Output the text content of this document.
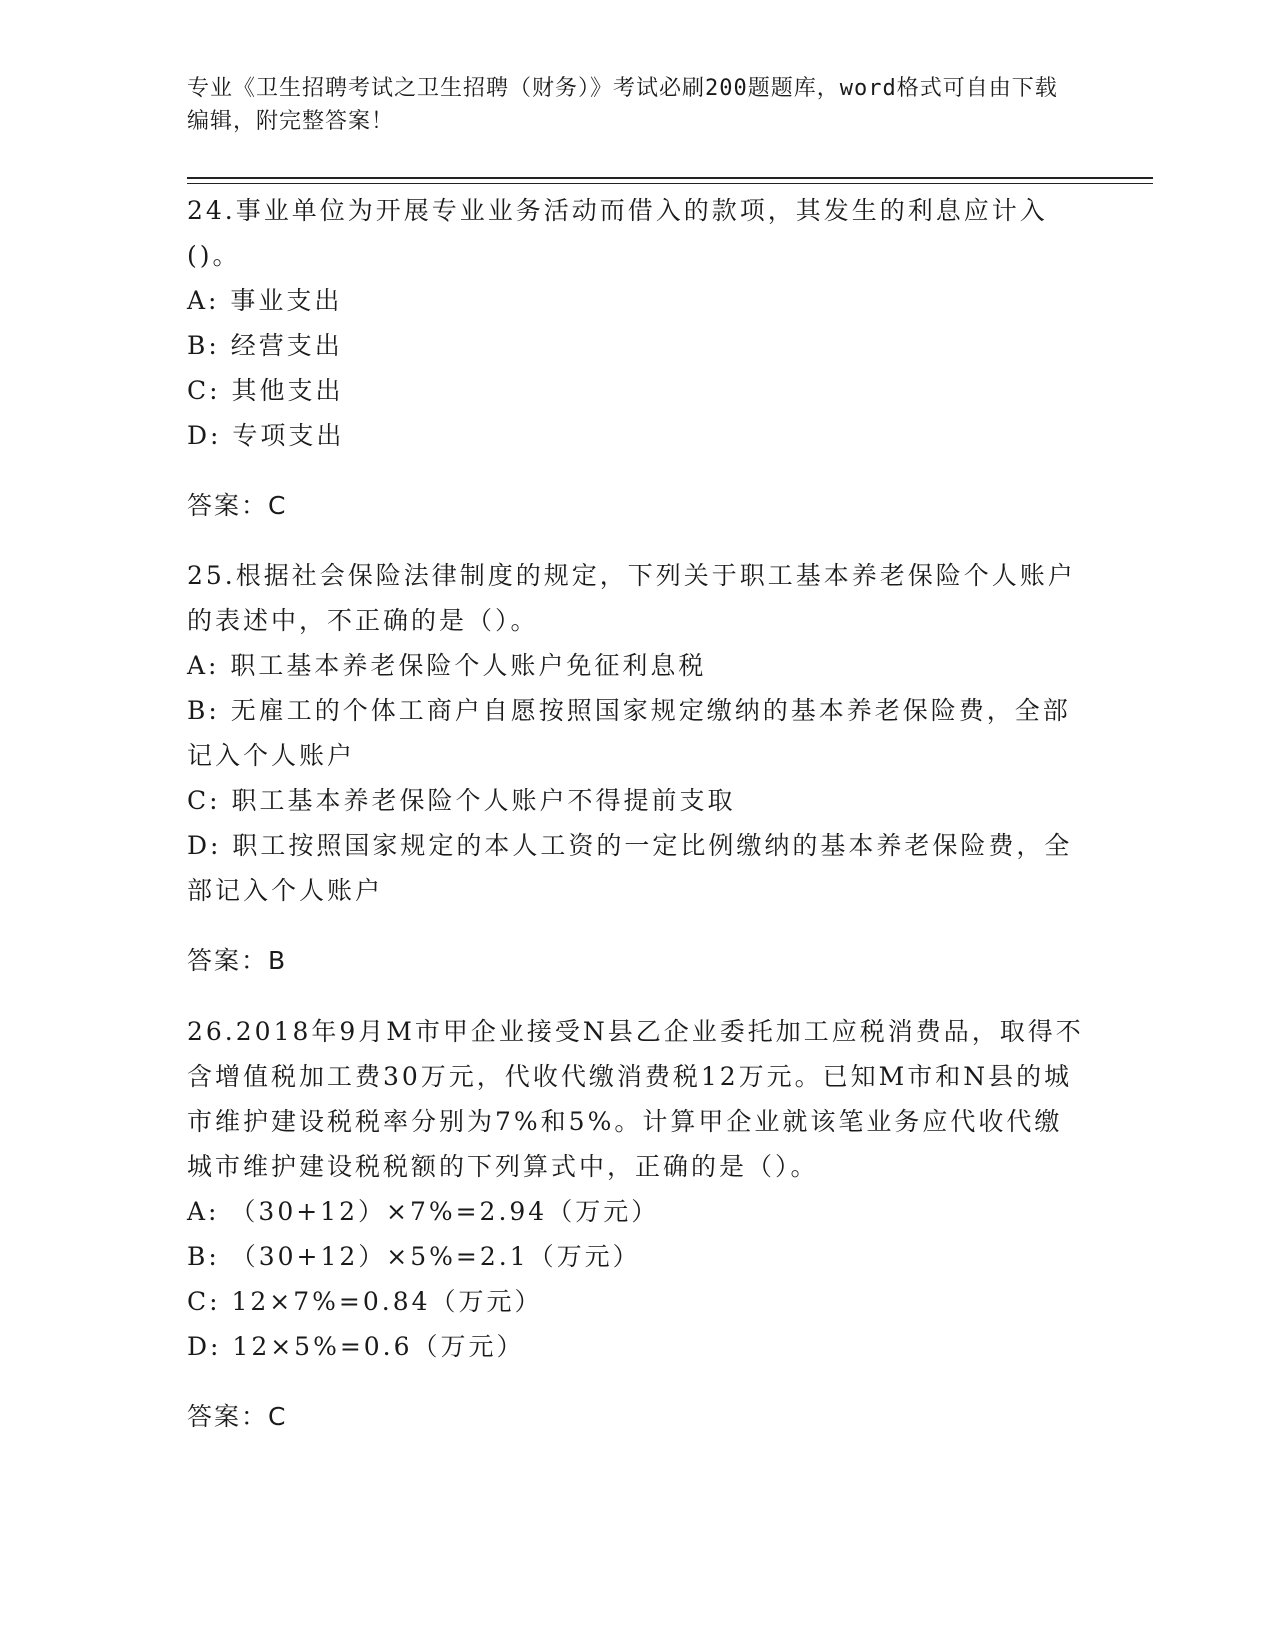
专业《卫生招聘考试之卫生招聘（财务）》考试必刷200题题库，word格式可自由下载编辑，附完整答案！

24.事业单位为开展专业业务活动而借入的款项，其发生的利息应计入()。

A: 事业支出

B: 经营支出

C: 其他支出

D: 专项支出

答案：C

25.根据社会保险法律制度的规定，下列关于职工基本养老保险个人账户的表述中，不正确的是（）。

A: 职工基本养老保险个人账户免征利息税

B: 无雇工的个体工商户自愿按照国家规定缴纳的基本养老保险费，全部记入个人账户

C: 职工基本养老保险个人账户不得提前支取

D: 职工按照国家规定的本人工资的一定比例缴纳的基本养老保险费，全部记入个人账户

答案：B

26.2018年9月M市甲企业接受N县乙企业委托加工应税消费品，取得不含增值税加工费30万元，代收代缴消费税12万元。已知M市和N县的城市维护建设税税率分别为7%和5%。计算甲企业就该笔业务应代收代缴城市维护建设税税额的下列算式中，正确的是（）。

A: （30+12）×7%=2.94（万元）

B: （30+12）×5%=2.1（万元）

C: 12×7%=0.84（万元）

D: 12×5%=0.6（万元）

答案：C
